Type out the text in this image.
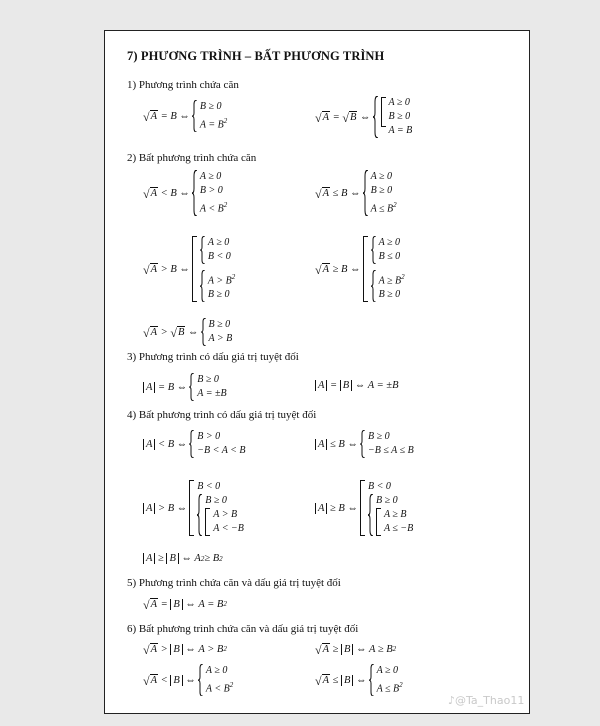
7) PHƯƠNG TRÌNH – BẤT PHƯƠNG TRÌNH
1) Phương trình chứa căn
√ A = B ⇔
B ≥ 0
$A = B^2$	√ A = √ B ⇔
A ≥ 0
B ≥ 0
A = B
2) Bất phương trình chứa căn
√ A < B ⇔
A ≥ 0
B > 0
$A < B^2$
√ A ≤ B ⇔
A ≥ 0
B ≥ 0
$A \le B^2$
√ A > B ⇔
A ≥ 0
B < 0
$A > B^2$
B ≥ 0
√ A ≥ B ⇔
A ≥ 0
B ≤ 0
$A \ge B^2$
B ≥ 0
√ A > √ B ⇔
B ≥ 0
A > B
3) Phương trình có dấu giá trị tuyệt đối
A = B ⇔
B ≥ 0
A = ±B
A = B ⇔ A = ±B
4) Bất phương trình có dấu giá trị tuyệt đối
A < B ⇔
B > 0
−B < A < B
A ≤ B ⇔
B ≥ 0
−B ≤ A ≤ B
A > B ⇔
B < 0
B ≥ 0
A > B
A < −B
A ≥ B ⇔
B < 0
B ≥ 0
A ≥ B
A ≤ −B
A ≥ B ⇔ A 2 ≥ B 2
5) Phương trình chứa căn và dấu giá trị tuyệt đối
√ A = B ⇔ A = B 2
6) Bất phương trình chứa căn và dấu giá trị tuyệt đối
√ A > B ⇔ A > B 2	√ A ≥ B ⇔ A ≥ B 2
√ A < B ⇔
A ≥ 0
$A < B^2$	√ A ≤ B ⇔
A ≥ 0
$A \le B^2$
♪@Ta_Thao11
